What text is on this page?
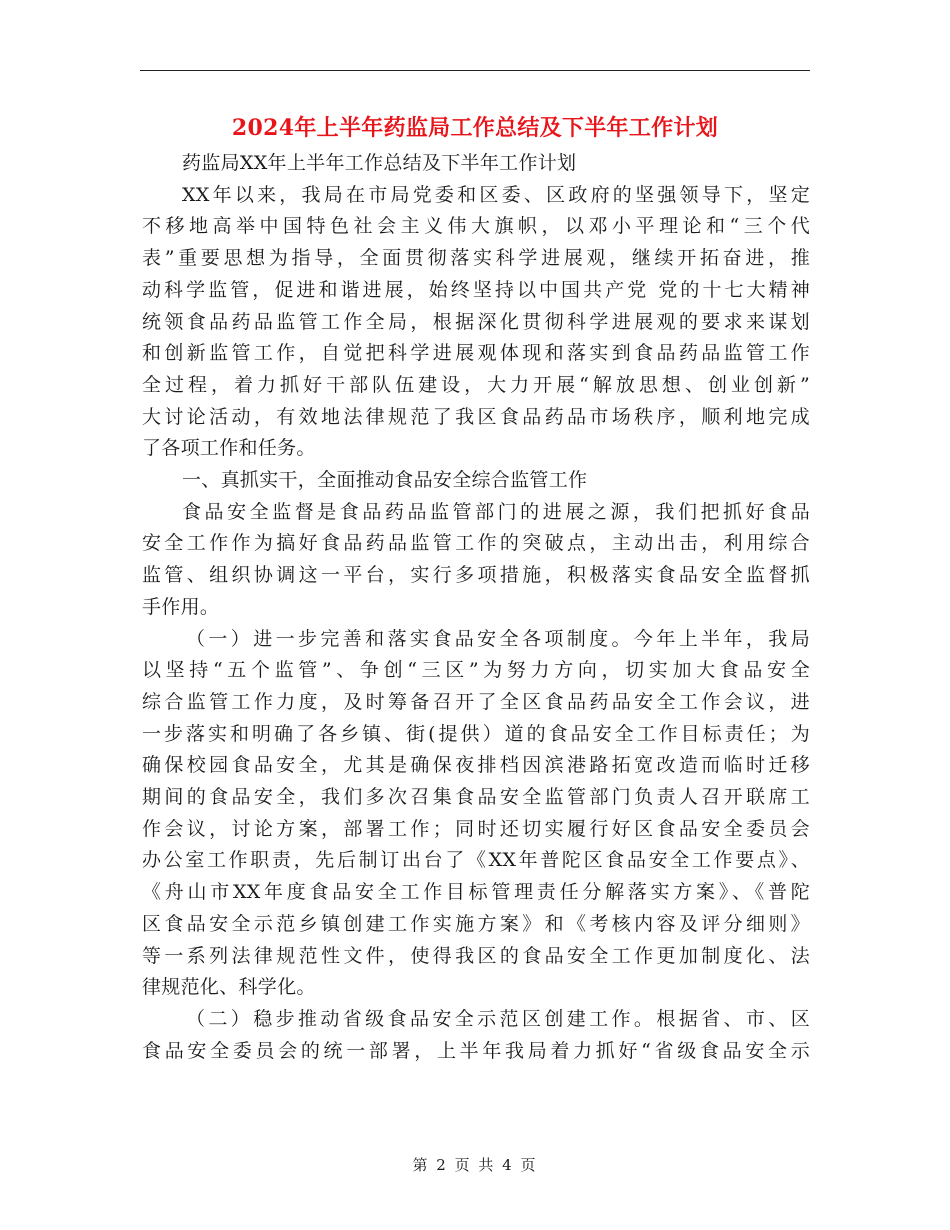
2024年上半年药监局工作总结及下半年工作计划
药监局XX年上半年工作总结及下半年工作计划
XX年以来，我局在市局党委和区委、区政府的坚强领导下，坚定
不移地高举中国特色社会主义伟大旗帜，以邓小平理论和“三个代
表”重要思想为指导，全面贯彻落实科学进展观，继续开拓奋进，推
动科学监管，促进和谐进展，始终坚持以中国共产党 党的十七大精神
统领食品药品监管工作全局，根据深化贯彻科学进展观的要求来谋划
和创新监管工作，自觉把科学进展观体现和落实到食品药品监管工作
全过程，着力抓好干部队伍建设，大力开展“解放思想、创业创新”
大讨论活动，有效地法律规范了我区食品药品市场秩序，顺利地完成
了各项工作和任务。
一、真抓实干，全面推动食品安全综合监管工作
食品安全监督是食品药品监管部门的进展之源，我们把抓好食品
安全工作作为搞好食品药品监管工作的突破点，主动出击，利用综合
监管、组织协调这一平台，实行多项措施，积极落实食品安全监督抓
手作用。
（一）进一步完善和落实食品安全各项制度。今年上半年，我局
以坚持“五个监管”、争创“三区”为努力方向，切实加大食品安全
综合监管工作力度，及时筹备召开了全区食品药品安全工作会议，进
一步落实和明确了各乡镇、街(提供）道的食品安全工作目标责任；为
确保校园食品安全，尤其是确保夜排档因滨港路拓宽改造而临时迁移
期间的食品安全，我们多次召集食品安全监管部门负责人召开联席工
作会议，讨论方案，部署工作；同时还切实履行好区食品安全委员会
办公室工作职责，先后制订出台了《XX年普陀区食品安全工作要点》、
《舟山市XX年度食品安全工作目标管理责任分解落实方案》、《普陀
区食品安全示范乡镇创建工作实施方案》和《考核内容及评分细则》
等一系列法律规范性文件，使得我区的食品安全工作更加制度化、法
律规范化、科学化。
（二）稳步推动省级食品安全示范区创建工作。根据省、市、区
食品安全委员会的统一部署，上半年我局着力抓好“省级食品安全示
第 2 页 共 4 页
